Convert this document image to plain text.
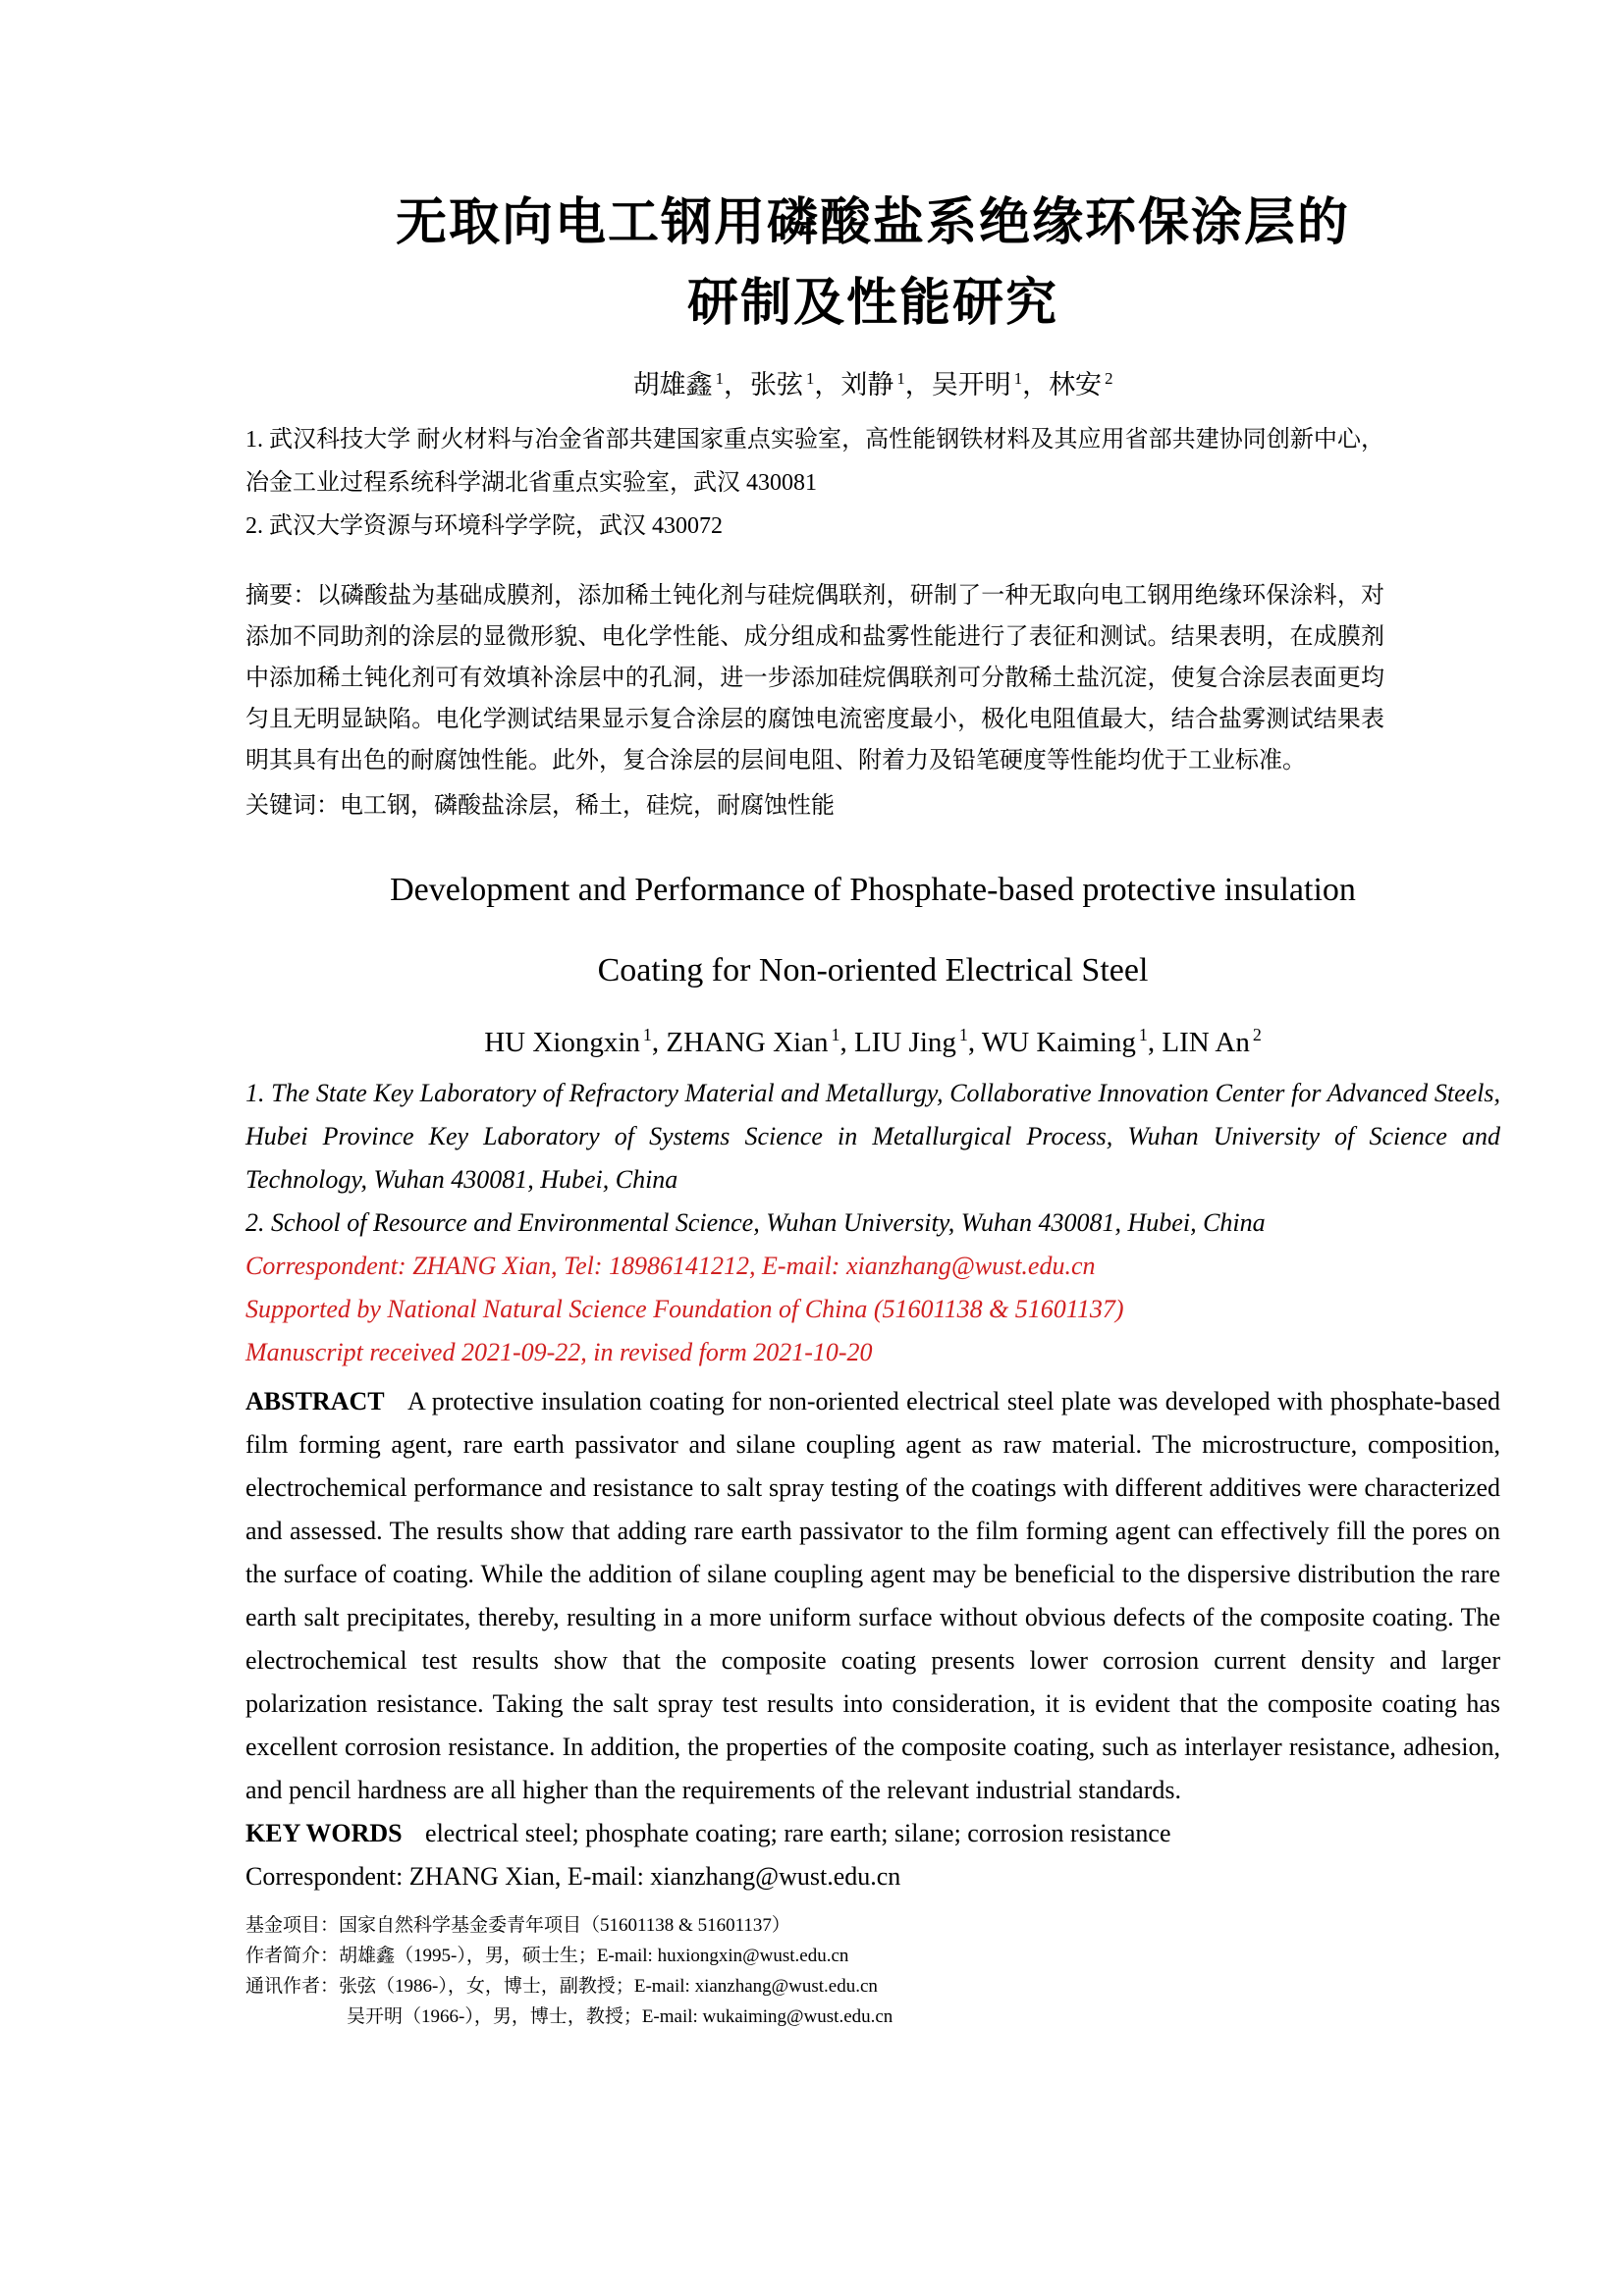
无取向电工钢用磷酸盐系绝缘环保涂层的
研制及性能研究
胡雄鑫 $^1$，张弦 $^1$，刘静 $^1$，吴开明 $^1$，林安 $^2$

1. 武汉科技大学 耐火材料与冶金省部共建国家重点实验室，高性能钢铁材料及其应用省部共建协同创新中心，冶金工业过程系统科学湖北省重点实验室，武汉 430081

2. 武汉大学资源与环境科学学院，武汉 430072

摘要：以磷酸盐为基础成膜剂，添加稀土钝化剂与硅烷偶联剂，研制了一种无取向电工钢用绝缘环保涂料，对添加不同助剂的涂层的显微形貌、电化学性能、成分组成和盐雾性能进行了表征和测试。结果表明，在成膜剂中添加稀土钝化剂可有效填补涂层中的孔洞，进一步添加硅烷偶联剂可分散稀土盐沉淀，使复合涂层表面更均匀且无明显缺陷。电化学测试结果显示复合涂层的腐蚀电流密度最小，极化电阻值最大，结合盐雾测试结果表明其具有出色的耐腐蚀性能。此外，复合涂层的层间电阻、附着力及铅笔硬度等性能均优于工业标准。

关键词：电工钢，磷酸盐涂层，稀土，硅烷，耐腐蚀性能

Development and Performance of Phosphate-based protective insulation
Coating for Non-oriented Electrical Steel
HU Xiongxin $^1$, ZHANG Xian $^1$, LIU Jing $^1$, WU Kaiming $^1$, LIN An $^2$

1. The State Key Laboratory of Refractory Material and Metallurgy, Collaborative Innovation Center for Advanced Steels, Hubei Province Key Laboratory of Systems Science in Metallurgical Process, Wuhan University of Science and Technology, Wuhan 430081, Hubei, China

2. School of Resource and Environmental Science, Wuhan University, Wuhan 430081, Hubei, China

Correspondent: ZHANG Xian, Tel: 18986141212, E-mail: xianzhang@wust.edu.cn

Supported by National Natural Science Foundation of China (51601138 & 51601137)

Manuscript received 2021-09-22, in revised form 2021-10-20

ABSTRACT A protective insulation coating for non-oriented electrical steel plate was developed with phosphate-based film forming agent, rare earth passivator and silane coupling agent as raw material. The microstructure, composition, electrochemical performance and resistance to salt spray testing of the coatings with different additives were characterized and assessed. The results show that adding rare earth passivator to the film forming agent can effectively fill the pores on the surface of coating. While the addition of silane coupling agent may be beneficial to the dispersive distribution the rare earth salt precipitates, thereby, resulting in a more uniform surface without obvious defects of the composite coating. The electrochemical test results show that the composite coating presents lower corrosion current density and larger polarization resistance. Taking the salt spray test results into consideration, it is evident that the composite coating has excellent corrosion resistance. In addition, the properties of the composite coating, such as interlayer resistance, adhesion, and pencil hardness are all higher than the requirements of the relevant industrial standards.

KEY WORDS electrical steel; phosphate coating; rare earth; silane; corrosion resistance

Correspondent: ZHANG Xian, E-mail: xianzhang@wust.edu.cn

基金项目：国家自然科学基金委青年项目（51601138 & 51601137）
作者简介：胡雄鑫（1995-），男，硕士生；E-mail: huxiongxin@wust.edu.cn
通讯作者：张弦（1986-），女，博士，副教授；E-mail: xianzhang@wust.edu.cn
吴开明（1966-），男，博士，教授；E-mail: wukaiming@wust.edu.cn
